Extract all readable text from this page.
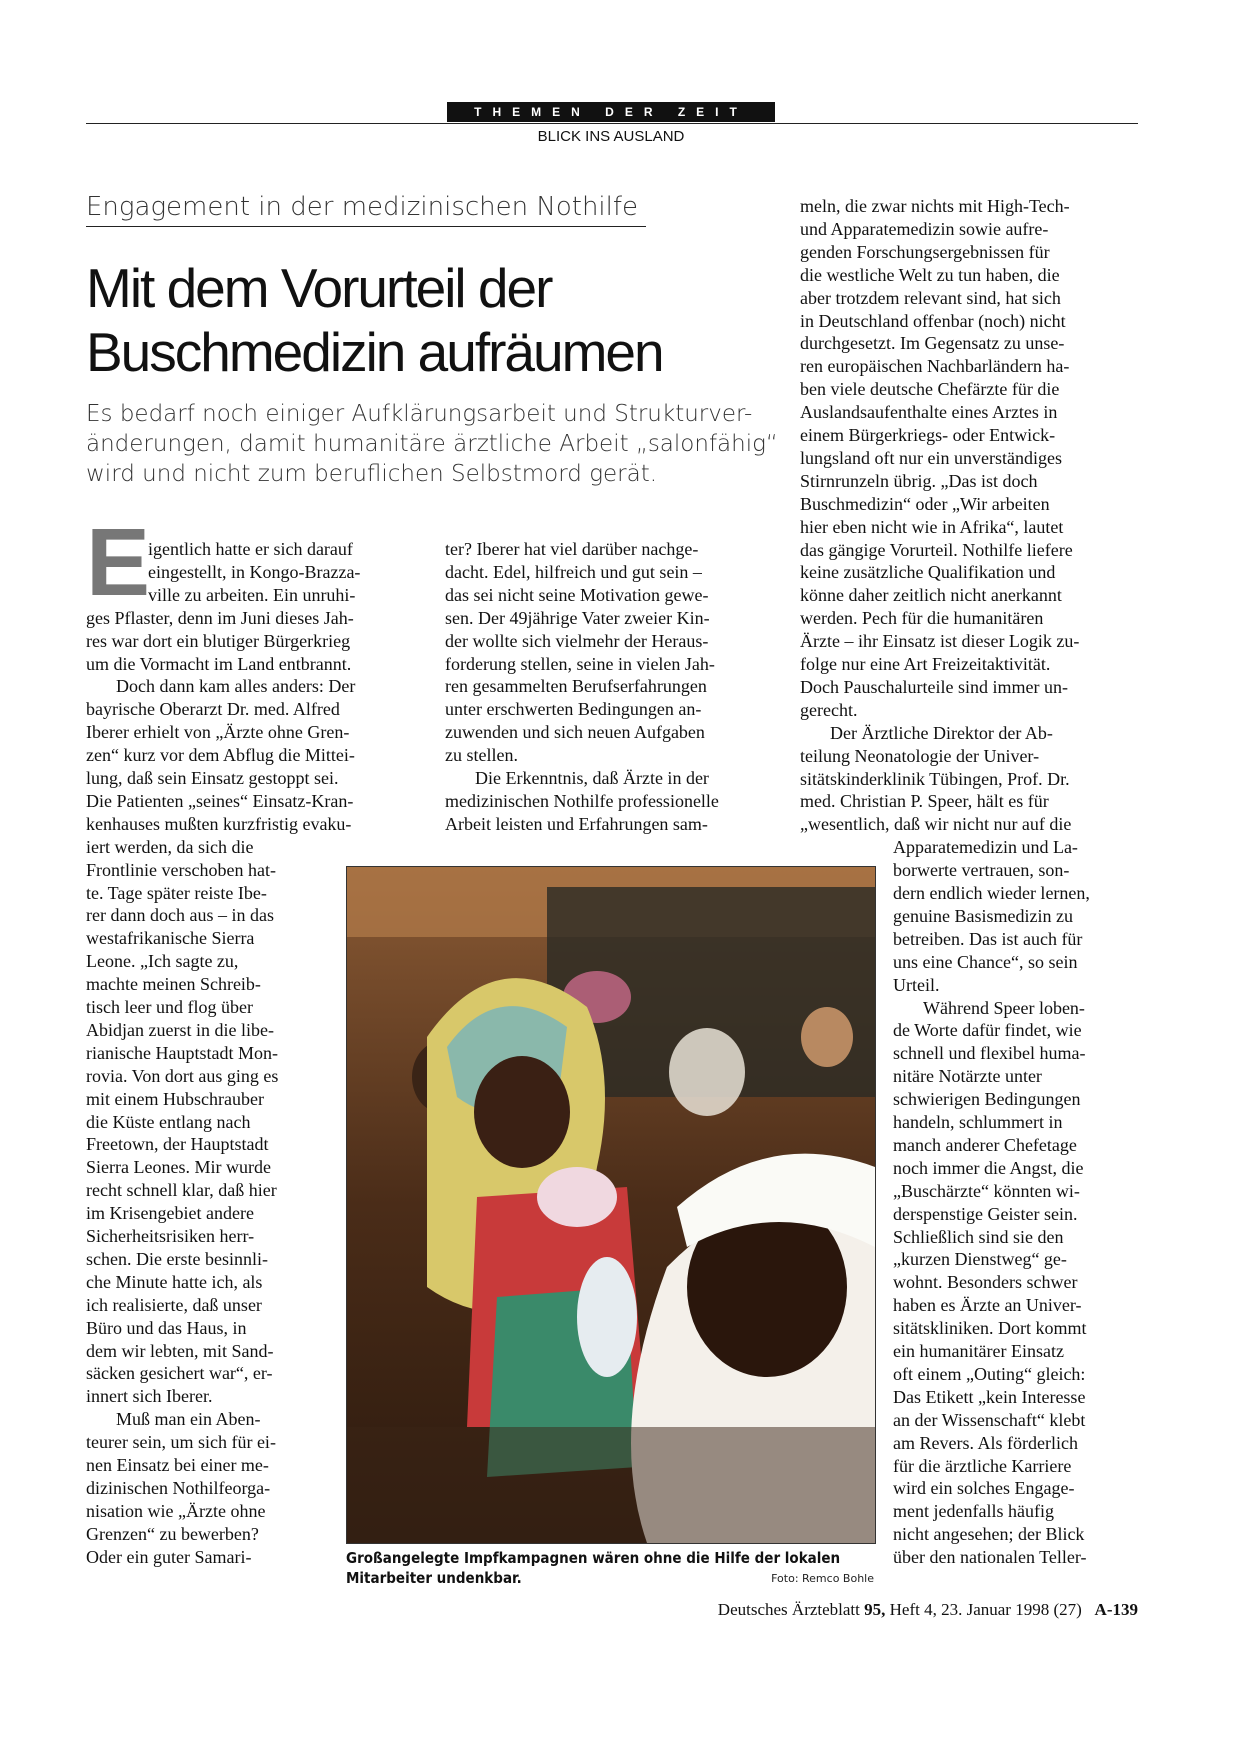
THEMEN DER ZEIT
BLICK INS AUSLAND
Engagement in der medizinischen Nothilfe
Mit dem Vorurteil der
Buschmedizin aufräumen
Es bedarf noch einiger Aufklärungsarbeit und Strukturver-
änderungen, damit humanitäre ärztliche Arbeit „salonfähig“
wird und nicht zum beruflichen Selbstmord gerät.
E
igentlich hatte er sich darauf
eingestellt, in Kongo-Brazza-
ville zu arbeiten. Ein unruhi-
ges Pflaster, denn im Juni dieses Jah-
res war dort ein blutiger Bürgerkrieg
um die Vormacht im Land entbrannt.
Doch dann kam alles anders: Der
bayrische Oberarzt Dr. med. Alfred
Iberer erhielt von „Ärzte ohne Gren-
zen“ kurz vor dem Abflug die Mittei-
lung, daß sein Einsatz gestoppt sei.
Die Patienten „seines“ Einsatz-Kran-
kenhauses mußten kurzfristig evaku-
iert werden, da sich die
Frontlinie verschoben hat-
te. Tage später reiste Ibe-
rer dann doch aus – in das
westafrikanische Sierra
Leone. „Ich sagte zu,
machte meinen Schreib-
tisch leer und flog über
Abidjan zuerst in die libe-
rianische Hauptstadt Mon-
rovia. Von dort aus ging es
mit einem Hubschrauber
die Küste entlang nach
Freetown, der Hauptstadt
Sierra Leones. Mir wurde
recht schnell klar, daß hier
im Krisengebiet andere
Sicherheitsrisiken herr-
schen. Die erste besinnli-
che Minute hatte ich, als
ich realisierte, daß unser
Büro und das Haus, in
dem wir lebten, mit Sand-
säcken gesichert war“, er-
innert sich Iberer.
Muß man ein Aben-
teurer sein, um sich für ei-
nen Einsatz bei einer me-
dizinischen Nothilfeorga-
nisation wie „Ärzte ohne
Grenzen“ zu bewerben?
Oder ein guter Samari-
ter? Iberer hat viel darüber nachge-
dacht. Edel, hilfreich und gut sein –
das sei nicht seine Motivation gewe-
sen. Der 49jährige Vater zweier Kin-
der wollte sich vielmehr der Heraus-
forderung stellen, seine in vielen Jah-
ren gesammelten Berufserfahrungen
unter erschwerten Bedingungen an-
zuwenden und sich neuen Aufgaben
zu stellen.
Die Erkenntnis, daß Ärzte in der
medizinischen Nothilfe professionelle
Arbeit leisten und Erfahrungen sam-
meln, die zwar nichts mit High-Tech-
und Apparatemedizin sowie aufre-
genden Forschungsergebnissen für
die westliche Welt zu tun haben, die
aber trotzdem relevant sind, hat sich
in Deutschland offenbar (noch) nicht
durchgesetzt. Im Gegensatz zu unse-
ren europäischen Nachbarländern ha-
ben viele deutsche Chefärzte für die
Auslandsaufenthalte eines Arztes in
einem Bürgerkriegs- oder Entwick-
lungsland oft nur ein unverständiges
Stirnrunzeln übrig. „Das ist doch
Buschmedizin“ oder „Wir arbeiten
hier eben nicht wie in Afrika“, lautet
das gängige Vorurteil. Nothilfe liefere
keine zusätzliche Qualifikation und
könne daher zeitlich nicht anerkannt
werden. Pech für die humanitären
Ärzte – ihr Einsatz ist dieser Logik zu-
folge nur eine Art Freizeitaktivität.
Doch Pauschalurteile sind immer un-
gerecht.
Der Ärztliche Direktor der Ab-
teilung Neonatologie der Univer-
sitätskinderklinik Tübingen, Prof. Dr.
med. Christian P. Speer, hält es für
„wesentlich, daß wir nicht nur auf die
Apparatemedizin und La-
borwerte vertrauen, son-
dern endlich wieder lernen,
genuine Basismedizin zu
betreiben. Das ist auch für
uns eine Chance“, so sein
Urteil.
Während Speer loben-
de Worte dafür findet, wie
schnell und flexibel huma-
nitäre Notärzte unter
schwierigen Bedingungen
handeln, schlummert in
manch anderer Chefetage
noch immer die Angst, die
„Buschärzte“ könnten wi-
derspenstige Geister sein.
Schließlich sind sie den
„kurzen Dienstweg“ ge-
wohnt. Besonders schwer
haben es Ärzte an Univer-
sitätskliniken. Dort kommt
ein humanitärer Einsatz
oft einem „Outing“ gleich:
Das Etikett „kein Interesse
an der Wissenschaft“ klebt
am Revers. Als förderlich
für die ärztliche Karriere
wird ein solches Engage-
ment jedenfalls häufig
nicht angesehen; der Blick
über den nationalen Teller-
Großangelegte Impfkampagnen wären ohne die Hilfe der lokalen Mitarbeiter undenkbar.	Foto: Remco Bohle
Deutsches Ärzteblatt 95, Heft 4, 23. Januar 1998 (27) A-139
